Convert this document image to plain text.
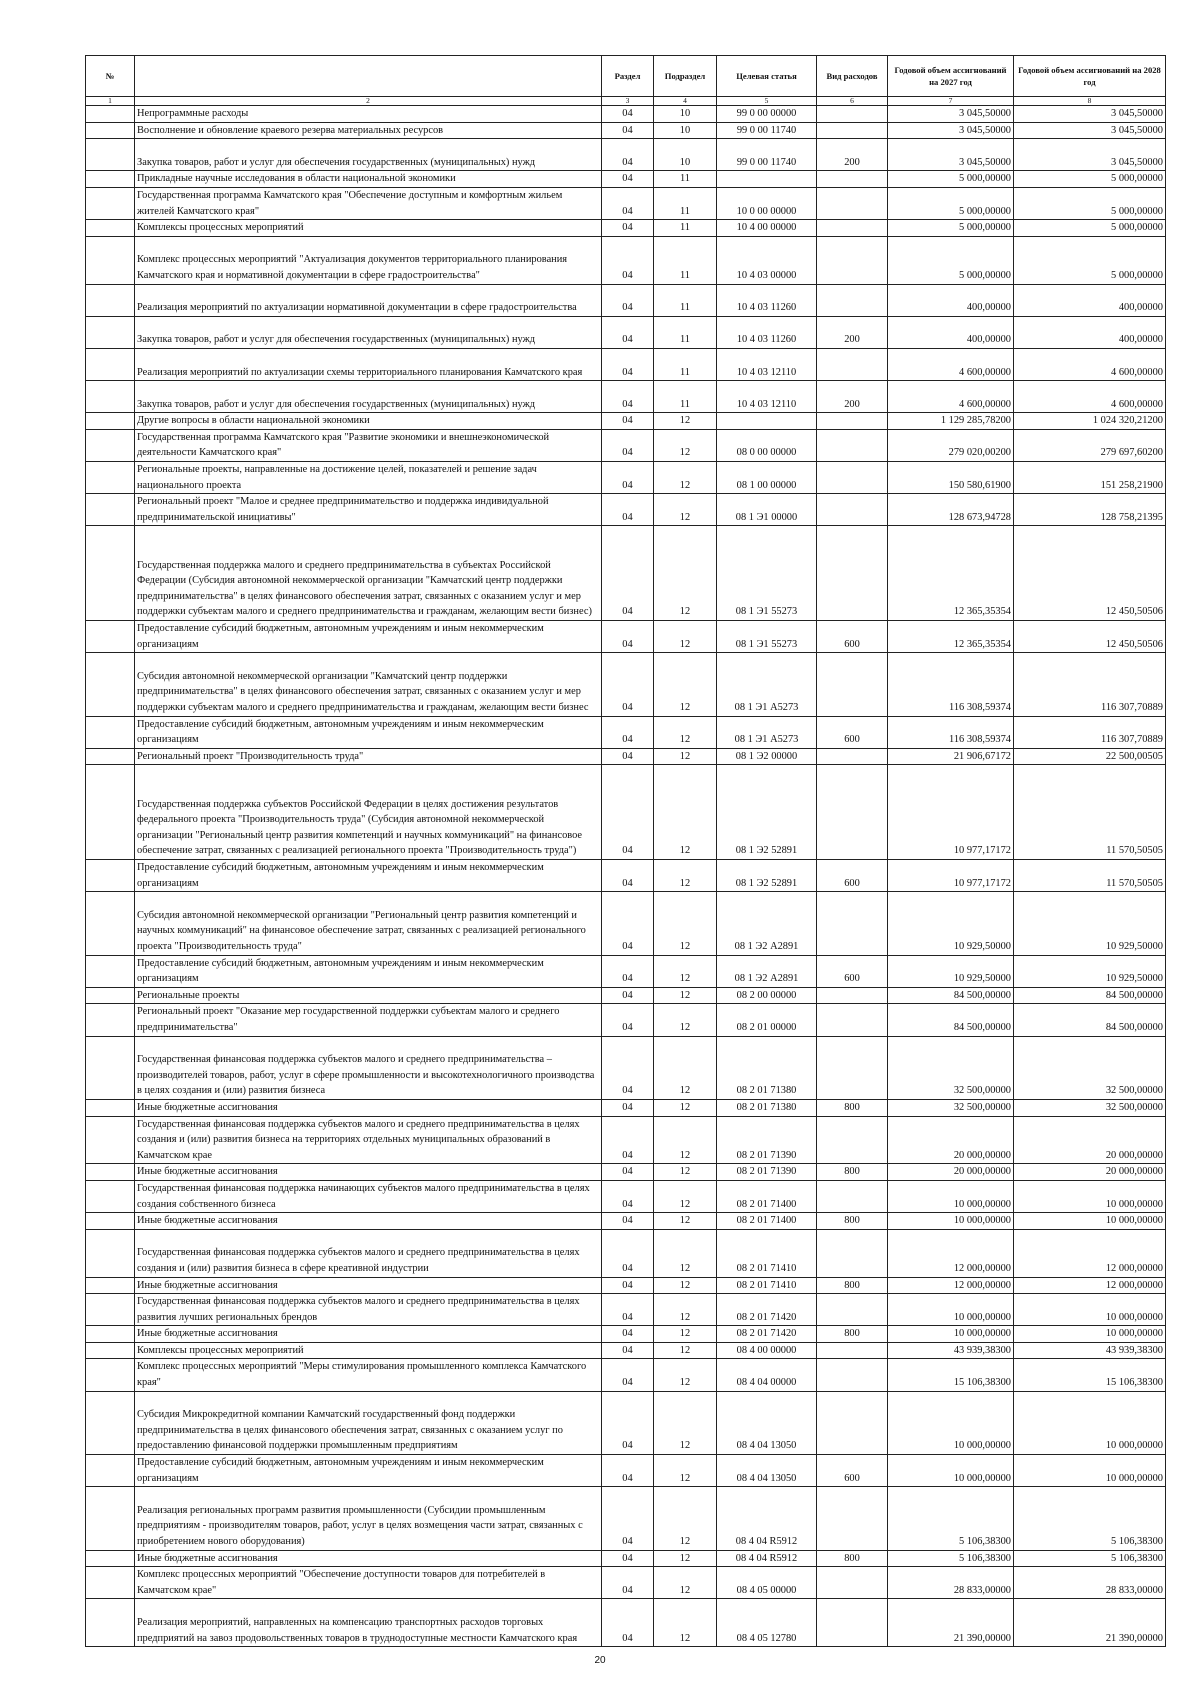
№		Раздел	Подраздел	Целевая статья	Вид расходов	Годовой объем ассигнований на 2027 год	Годовой объем ассигнований на 2028 год
1	2	3	4	5	6	7	8
	Непрограммные расходы	04	10	99 0 00 00000		3 045,50000	3 045,50000
	Восполнение и обновление краевого резерва материальных ресурсов	04	10	99 0 00 11740		3 045,50000	3 045,50000
	Закупка товаров, работ и услуг для обеспечения государственных (муниципальных) нужд	04	10	99 0 00 11740	200	3 045,50000	3 045,50000
	Прикладные научные исследования в области национальной экономики	04	11			5 000,00000	5 000,00000
	Государственная программа Камчатского края "Обеспечение доступным и комфортным жильем жителей Камчатского края"	04	11	10 0 00 00000		5 000,00000	5 000,00000
	Комплексы процессных мероприятий	04	11	10 4 00 00000		5 000,00000	5 000,00000
	Комплекс процессных мероприятий "Актуализация документов территориального планирования Камчатского края и нормативной документации в сфере градостроительства"	04	11	10 4 03 00000		5 000,00000	5 000,00000
	Реализация мероприятий по актуализации нормативной документации в сфере градостроительства	04	11	10 4 03 11260		400,00000	400,00000
	Закупка товаров, работ и услуг для обеспечения государственных (муниципальных) нужд	04	11	10 4 03 11260	200	400,00000	400,00000
	Реализация мероприятий по актуализации схемы территориального планирования Камчатского края	04	11	10 4 03 12110		4 600,00000	4 600,00000
	Закупка товаров, работ и услуг для обеспечения государственных (муниципальных) нужд	04	11	10 4 03 12110	200	4 600,00000	4 600,00000
	Другие вопросы в области национальной экономики	04	12			1 129 285,78200	1 024 320,21200
	Государственная программа Камчатского края "Развитие экономики и внешнеэкономической деятельности Камчатского края"	04	12	08 0 00 00000		279 020,00200	279 697,60200
	Региональные проекты, направленные на достижение целей, показателей и решение задач национального проекта	04	12	08 1 00 00000		150 580,61900	151 258,21900
	Региональный проект "Малое и среднее предпринимательство и поддержка индивидуальной предпринимательской инициативы"	04	12	08 1 Э1 00000		128 673,94728	128 758,21395
	Государственная поддержка малого и среднего предпринимательства в субъектах Российской Федерации (Субсидия автономной некоммерческой организации "Камчатский центр поддержки предпринимательства" в целях финансового обеспечения затрат, связанных с оказанием услуг и мер поддержки субъектам малого и среднего предпринимательства и гражданам, желающим вести бизнес)	04	12	08 1 Э1 55273		12 365,35354	12 450,50506
	Предоставление субсидий бюджетным, автономным учреждениям и иным некоммерческим организациям	04	12	08 1 Э1 55273	600	12 365,35354	12 450,50506
	Субсидия автономной некоммерческой организации "Камчатский центр поддержки предпринимательства" в целях финансового обеспечения затрат, связанных с оказанием услуг и мер поддержки субъектам малого и среднего предпринимательства и гражданам, желающим вести бизнес	04	12	08 1 Э1 А5273		116 308,59374	116 307,70889
	Предоставление субсидий бюджетным, автономным учреждениям и иным некоммерческим организациям	04	12	08 1 Э1 А5273	600	116 308,59374	116 307,70889
	Региональный проект "Производительность труда"	04	12	08 1 Э2 00000		21 906,67172	22 500,00505
	Государственная поддержка субъектов Российской Федерации в целях достижения результатов федерального проекта "Производительность труда" (Субсидия автономной некоммерческой организации "Региональный центр развития компетенций и научных коммуникаций" на финансовое обеспечение затрат, связанных с реализацией регионального проекта "Производительность труда")	04	12	08 1 Э2 52891		10 977,17172	11 570,50505
	Предоставление субсидий бюджетным, автономным учреждениям и иным некоммерческим организациям	04	12	08 1 Э2 52891	600	10 977,17172	11 570,50505
	Субсидия автономной некоммерческой организации "Региональный центр развития компетенций и научных коммуникаций" на финансовое обеспечение затрат, связанных с реализацией регионального проекта "Производительность труда"	04	12	08 1 Э2 А2891		10 929,50000	10 929,50000
	Предоставление субсидий бюджетным, автономным учреждениям и иным некоммерческим организациям	04	12	08 1 Э2 А2891	600	10 929,50000	10 929,50000
	Региональные проекты	04	12	08 2 00 00000		84 500,00000	84 500,00000
	Региональный проект "Оказание мер государственной поддержки субъектам малого и среднего предпринимательства"	04	12	08 2 01 00000		84 500,00000	84 500,00000
	Государственная финансовая поддержка субъектов малого и среднего предпринимательства – производителей товаров, работ, услуг в сфере промышленности и высокотехнологичного производства в целях создания и (или) развития бизнеса	04	12	08 2 01 71380		32 500,00000	32 500,00000
	Иные бюджетные ассигнования	04	12	08 2 01 71380	800	32 500,00000	32 500,00000
	Государственная финансовая поддержка субъектов малого и среднего предпринимательства в целях создания и (или) развития бизнеса на территориях отдельных муниципальных образований в Камчатском крае	04	12	08 2 01 71390		20 000,00000	20 000,00000
	Иные бюджетные ассигнования	04	12	08 2 01 71390	800	20 000,00000	20 000,00000
	Государственная финансовая поддержка начинающих субъектов малого предпринимательства в целях создания собственного бизнеса	04	12	08 2 01 71400		10 000,00000	10 000,00000
	Иные бюджетные ассигнования	04	12	08 2 01 71400	800	10 000,00000	10 000,00000
	Государственная финансовая поддержка субъектов малого и среднего предпринимательства в целях создания и (или) развития бизнеса в сфере креативной индустрии	04	12	08 2 01 71410		12 000,00000	12 000,00000
	Иные бюджетные ассигнования	04	12	08 2 01 71410	800	12 000,00000	12 000,00000
	Государственная финансовая поддержка субъектов малого и среднего предпринимательства в целях развития лучших региональных брендов	04	12	08 2 01 71420		10 000,00000	10 000,00000
	Иные бюджетные ассигнования	04	12	08 2 01 71420	800	10 000,00000	10 000,00000
	Комплексы процессных мероприятий	04	12	08 4 00 00000		43 939,38300	43 939,38300
	Комплекс процессных мероприятий "Меры стимулирования промышленного комплекса Камчатского края"	04	12	08 4 04 00000		15 106,38300	15 106,38300
	Субсидия Микрокредитной компании Камчатский государственный фонд поддержки предпринимательства в целях финансового обеспечения затрат, связанных с оказанием услуг по предоставлению финансовой поддержки промышленным предприятиям	04	12	08 4 04 13050		10 000,00000	10 000,00000
	Предоставление субсидий бюджетным, автономным учреждениям и иным некоммерческим организациям	04	12	08 4 04 13050	600	10 000,00000	10 000,00000
	Реализация региональных программ развития промышленности (Субсидии промышленным предприятиям - производителям товаров, работ, услуг в целях возмещения части затрат, связанных с приобретением нового оборудования)	04	12	08 4 04 R5912		5 106,38300	5 106,38300
	Иные бюджетные ассигнования	04	12	08 4 04 R5912	800	5 106,38300	5 106,38300
	Комплекс процессных мероприятий "Обеспечение доступности товаров для потребителей в Камчатском крае"	04	12	08 4 05 00000		28 833,00000	28 833,00000
	Реализация мероприятий, направленных на компенсацию транспортных расходов торговых предприятий на завоз продовольственных товаров в труднодоступные местности Камчатского края	04	12	08 4 05 12780		21 390,00000	21 390,00000
20
